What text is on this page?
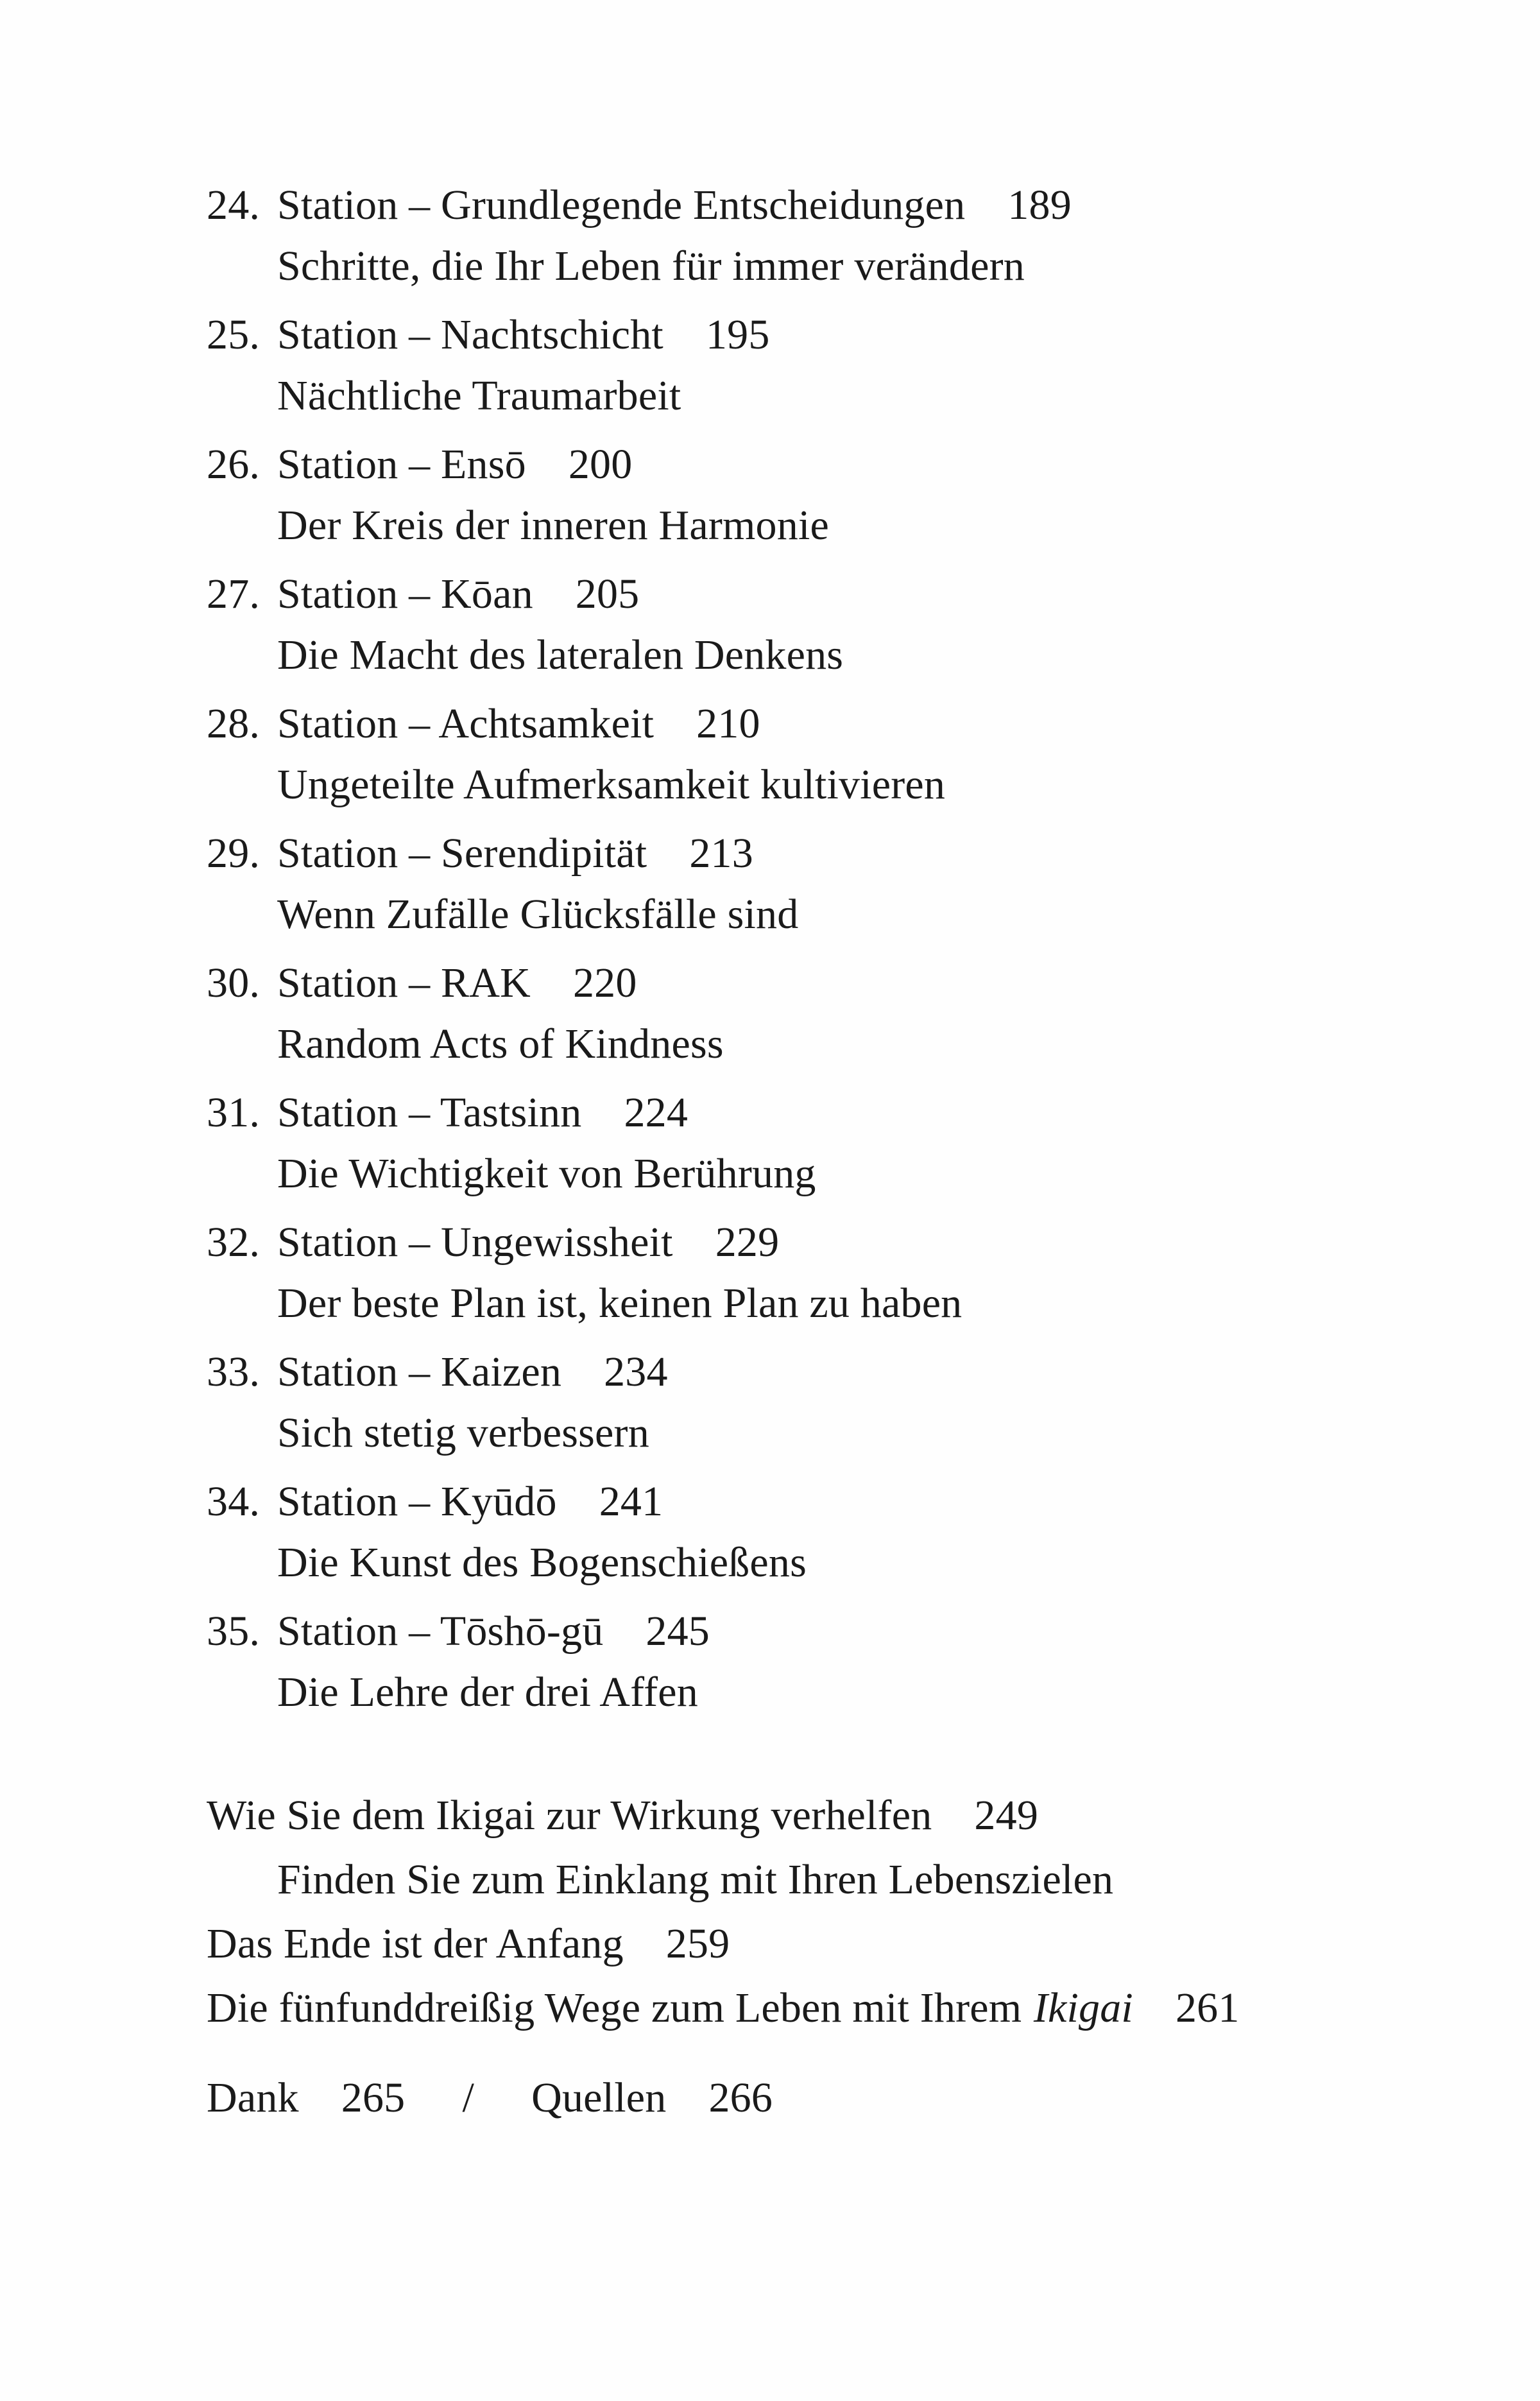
24. Station – Grundlegende Entscheidungen 189
Schritte, die Ihr Leben für immer verändern
25. Station – Nachtschicht 195
Nächtliche Traumarbeit
26. Station – Ensō 200
Der Kreis der inneren Harmonie
27. Station – Kōan 205
Die Macht des lateralen Denkens
28. Station – Achtsamkeit 210
Ungeteilte Aufmerksamkeit kultivieren
29. Station – Serendipität 213
Wenn Zufälle Glücksfälle sind
30. Station – RAK 220
Random Acts of Kindness
31. Station – Tastsinn 224
Die Wichtigkeit von Berührung
32. Station – Ungewissheit 229
Der beste Plan ist, keinen Plan zu haben
33. Station – Kaizen 234
Sich stetig verbessern
34. Station – Kyūdō 241
Die Kunst des Bogenschießens
35. Station – Tōshō-gū 245
Die Lehre der drei Affen
Wie Sie dem Ikigai zur Wirkung verhelfen 249
Finden Sie zum Einklang mit Ihren Lebenszielen
Das Ende ist der Anfang 259
Die fünfunddreißig Wege zum Leben mit Ihrem Ikigai 261
Dank 265 / Quellen 266
